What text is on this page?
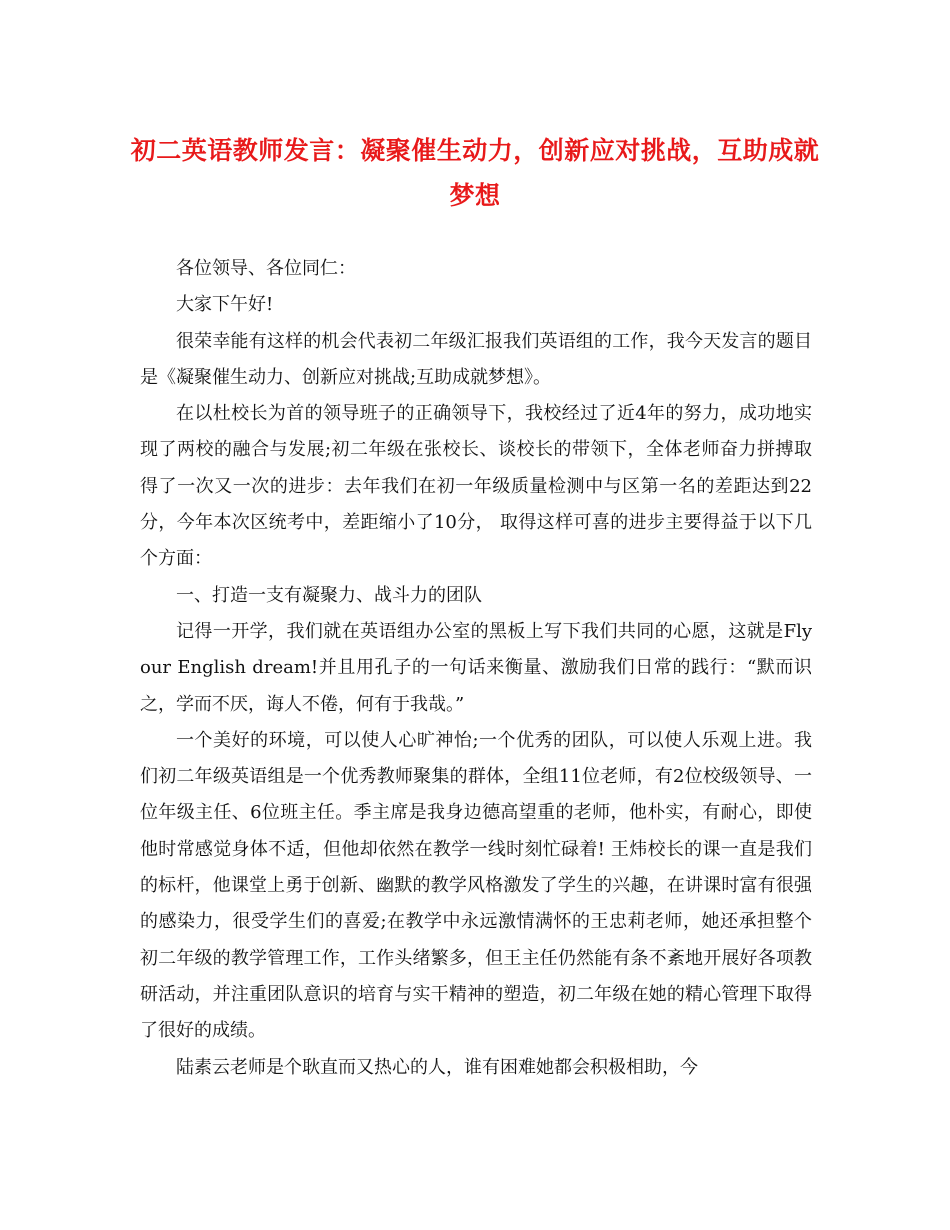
初二英语教师发言：凝聚催生动力，创新应对挑战，互助成就梦想

各位领导、各位同仁：

大家下午好!

很荣幸能有这样的机会代表初二年级汇报我们英语组的工作，我今天发言的题目是《凝聚催生动力、创新应对挑战;互助成就梦想》。

在以杜校长为首的领导班子的正确领导下，我校经过了近4年的努力，成功地实现了两校的融合与发展;初二年级在张校长、谈校长的带领下，全体老师奋力拼搏取得了一次又一次的进步：去年我们在初一年级质量检测中与区第一名的差距达到22分，今年本次区统考中，差距缩小了10分， 取得这样可喜的进步主要得益于以下几个方面：

一、打造一支有凝聚力、战斗力的团队

记得一开学，我们就在英语组办公室的黑板上写下我们共同的心愿，这就是Fly our English dream!并且用孔子的一句话来衡量、激励我们日常的践行：“默而识之，学而不厌，诲人不倦，何有于我哉。”

一个美好的环境，可以使人心旷神怡;一个优秀的团队，可以使人乐观上进。我们初二年级英语组是一个优秀教师聚集的群体，全组11位老师，有2位校级领导、一位年级主任、6位班主任。季主席是我身边德高望重的老师，他朴实，有耐心，即使他时常感觉身体不适，但他却依然在教学一线时刻忙碌着! 王炜校长的课一直是我们的标杆，他课堂上勇于创新、幽默的教学风格激发了学生的兴趣，在讲课时富有很强的感染力，很受学生们的喜爱;在教学中永远激情满怀的王忠莉老师，她还承担整个初二年级的教学管理工作，工作头绪繁多，但王主任仍然能有条不紊地开展好各项教研活动，并注重团队意识的培育与实干精神的塑造，初二年级在她的精心管理下取得了很好的成绩。

陆素云老师是个耿直而又热心的人，谁有困难她都会积极相助，今
